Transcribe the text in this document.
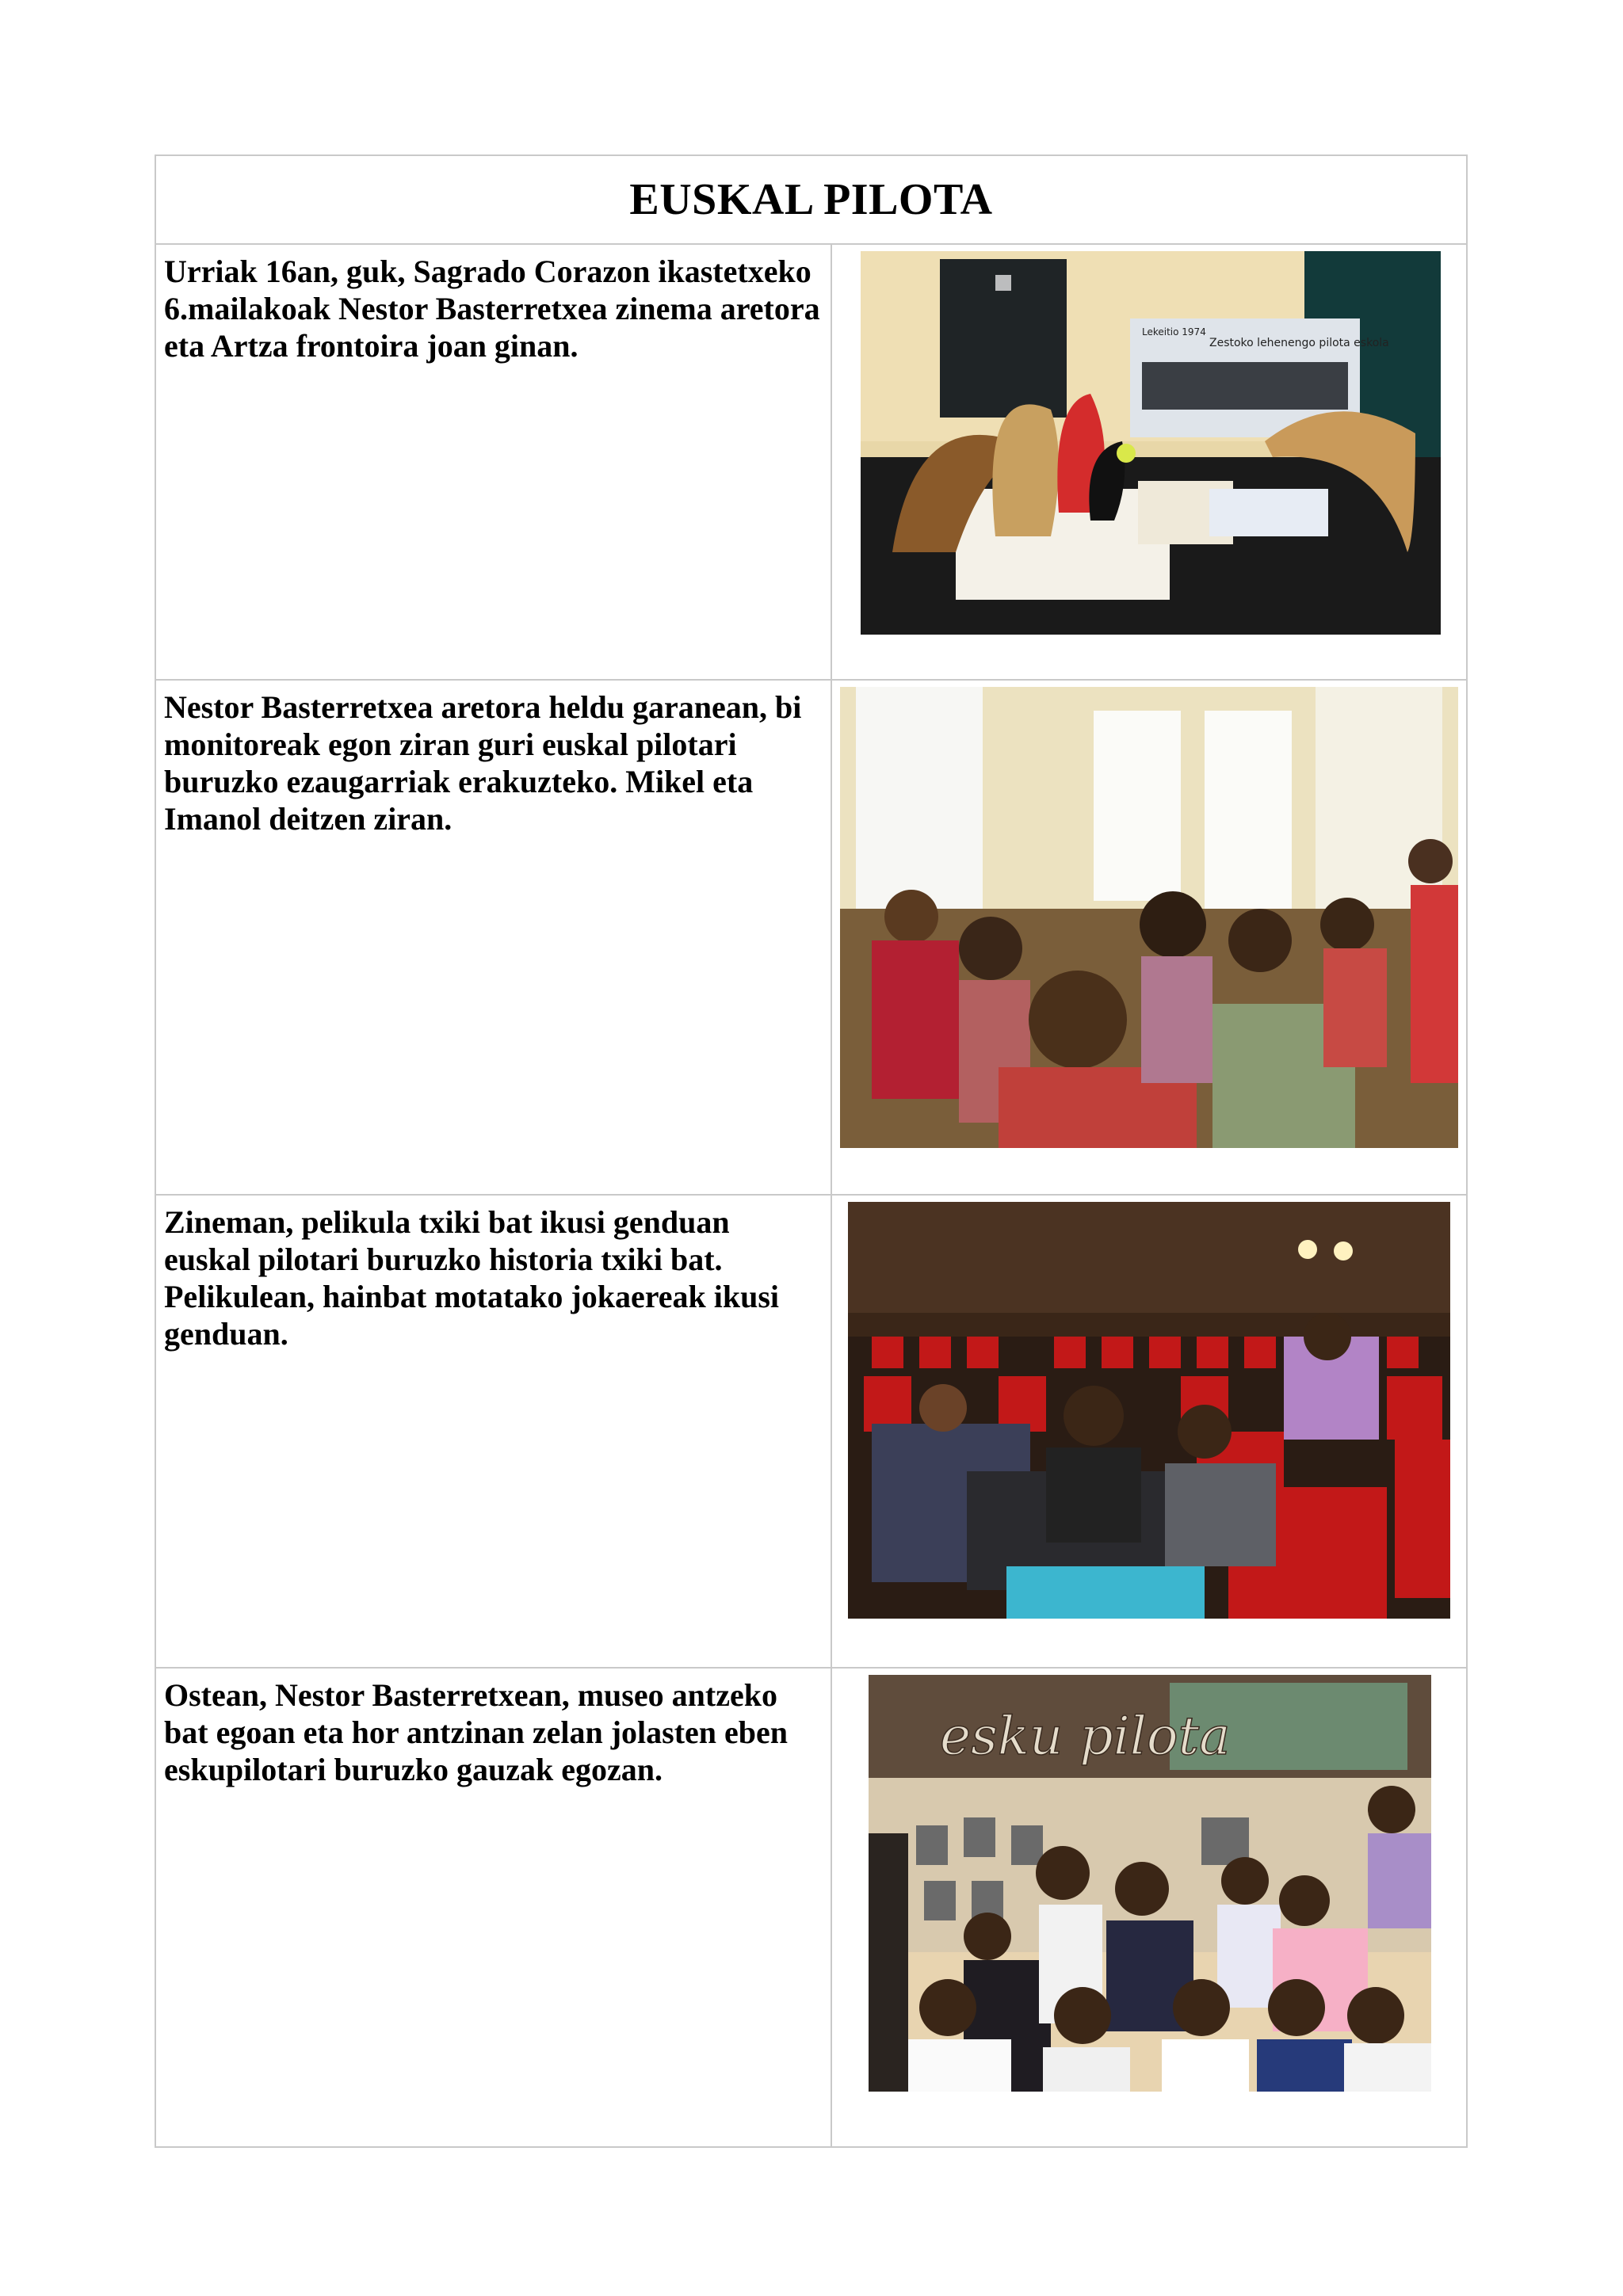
EUSKAL PILOTA

Urriak 16an, guk, Sagrado Corazon ikastetxeko 6.mailakoak Nestor Basterretxea zinema aretora eta Artza frontoira joan ginan.	Zestoko lehenengo pilota eskola
Lekeitio 1974

Nestor Basterretxea aretora heldu garanean, bi monitoreak egon ziran guri euskal pilotari buruzko ezaugarriak erakuzteko. Mikel eta Imanol deitzen ziran.

Zineman, pelikula txiki bat ikusi genduan euskal pilotari buruzko historia txiki bat. Pelikulean, hainbat motatako jokaereak ikusi genduan.

Ostean, Nestor Basterretxean, museo antzeko bat egoan eta hor antzinan zelan jolasten eben eskupilotari buruzko gauzak egozan.

esku pilota
